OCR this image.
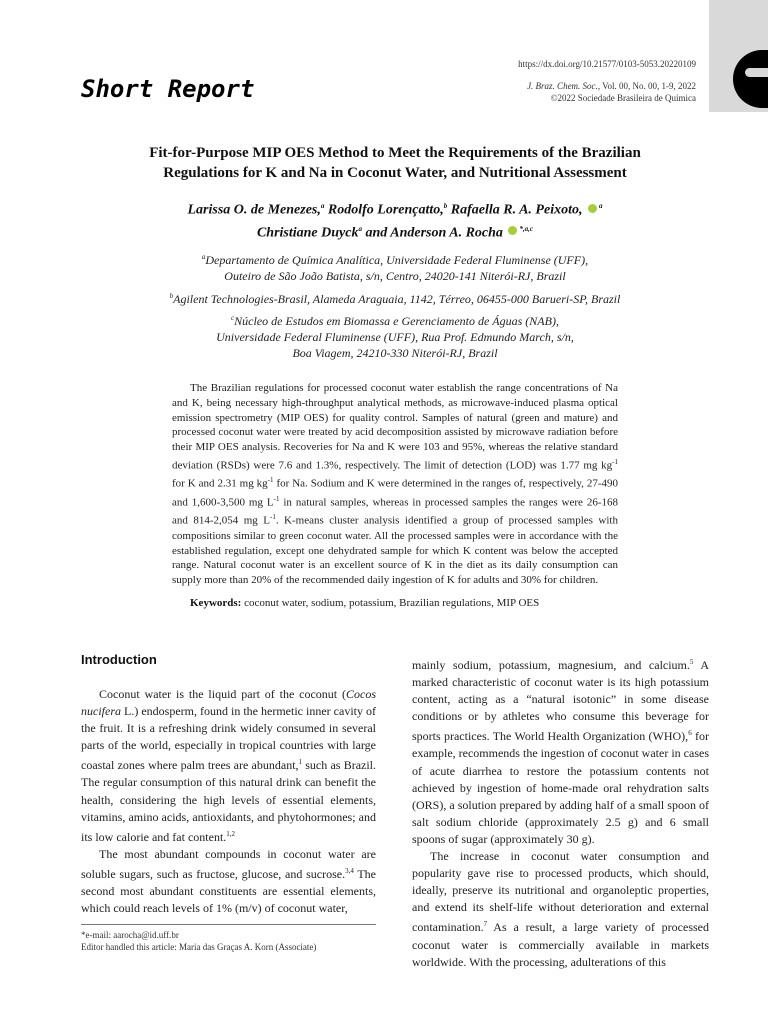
Short Report

https://dx.doi.org/10.21577/0103-5053.20220109

J. Braz. Chem. Soc., Vol. 00, No. 00, 1-9, 2022

©2022 Sociedade Brasileira de Química

Fit-for-Purpose MIP OES Method to Meet the Requirements of the Brazilian Regulations for K and Na in Coconut Water, and Nutritional Assessment

Larissa O. de Menezes,$^a$ Rodolfo Lorençatto,$^b$ Rafaella R. A. Peixoto, $^a$
Christiane Duyck$^a$ and Anderson A. Rocha $^{*,a,c}$

$^a$Departamento de Química Analítica, Universidade Federal Fluminense (UFF),
Outeiro de São João Batista, s/n, Centro, 24020-141 Niterói-RJ, Brazil

$^b$Agilent Technologies-Brasil, Alameda Araguaia, 1142, Térreo, 06455-000 Barueri-SP, Brazil

$^c$Núcleo de Estudos em Biomassa e Gerenciamento de Águas (NAB),
Universidade Federal Fluminense (UFF), Rua Prof. Edmundo March, s/n,
Boa Viagem, 24210-330 Niterói-RJ, Brazil

The Brazilian regulations for processed coconut water establish the range concentrations of Na and K, being necessary high-throughput analytical methods, as microwave-induced plasma optical emission spectrometry (MIP OES) for quality control. Samples of natural (green and mature) and processed coconut water were treated by acid decomposition assisted by microwave radiation before their MIP OES analysis. Recoveries for Na and K were 103 and 95%, whereas the relative standard deviation (RSDs) were 7.6 and 1.3%, respectively. The limit of detection (LOD) was 1.77 mg $kg^{-1}$ for K and 2.31 mg $kg^{-1}$ for Na. Sodium and K were determined in the ranges of, respectively, 27-490 and 1,600-3,500 mg $L^{-1}$ in natural samples, whereas in processed samples the ranges were 26-168 and 814-2,054 mg $L^{-1}$. K-means cluster analysis identified a group of processed samples with compositions similar to green coconut water. All the processed samples were in accordance with the established regulation, except one dehydrated sample for which K content was below the accepted range. Natural coconut water is an excellent source of K in the diet as its daily consumption can supply more than 20% of the recommended daily ingestion of K for adults and 30% for children.

Keywords: coconut water, sodium, potassium, Brazilian regulations, MIP OES

Introduction

Coconut water is the liquid part of the coconut (Cocos nucifera L.) endosperm, found in the hermetic inner cavity of the fruit. It is a refreshing drink widely consumed in several parts of the world, especially in tropical countries with large coastal zones where palm trees are abundant,$^1$ such as Brazil. The regular consumption of this natural drink can benefit the health, considering the high levels of essential elements, vitamins, amino acids, antioxidants, and phytohormones; and its low calorie and fat content.$^{1,2}$

The most abundant compounds in coconut water are soluble sugars, such as fructose, glucose, and sucrose.$^{3,4}$ The second most abundant constituents are essential elements, which could reach levels of 1% (m/v) of coconut water,

mainly sodium, potassium, magnesium, and calcium.$^5$ A marked characteristic of coconut water is its high potassium content, acting as a “natural isotonic” in some disease conditions or by athletes who consume this beverage for sports practices. The World Health Organization (WHO),$^6$ for example, recommends the ingestion of coconut water in cases of acute diarrhea to restore the potassium contents not achieved by ingestion of home-made oral rehydration salts (ORS), a solution prepared by adding half of a small spoon of salt sodium chloride (approximately 2.5 g) and 6 small spoons of sugar (approximately 30 g).

The increase in coconut water consumption and popularity gave rise to processed products, which should, ideally, preserve its nutritional and organoleptic properties, and extend its shelf-life without deterioration and external contamination.$^7$ As a result, a large variety of processed coconut water is commercially available in markets worldwide. With the processing, adulterations of this

*e-mail: aarocha@id.uff.br

Editor handled this article: Maria das Graças A. Korn (Associate)
